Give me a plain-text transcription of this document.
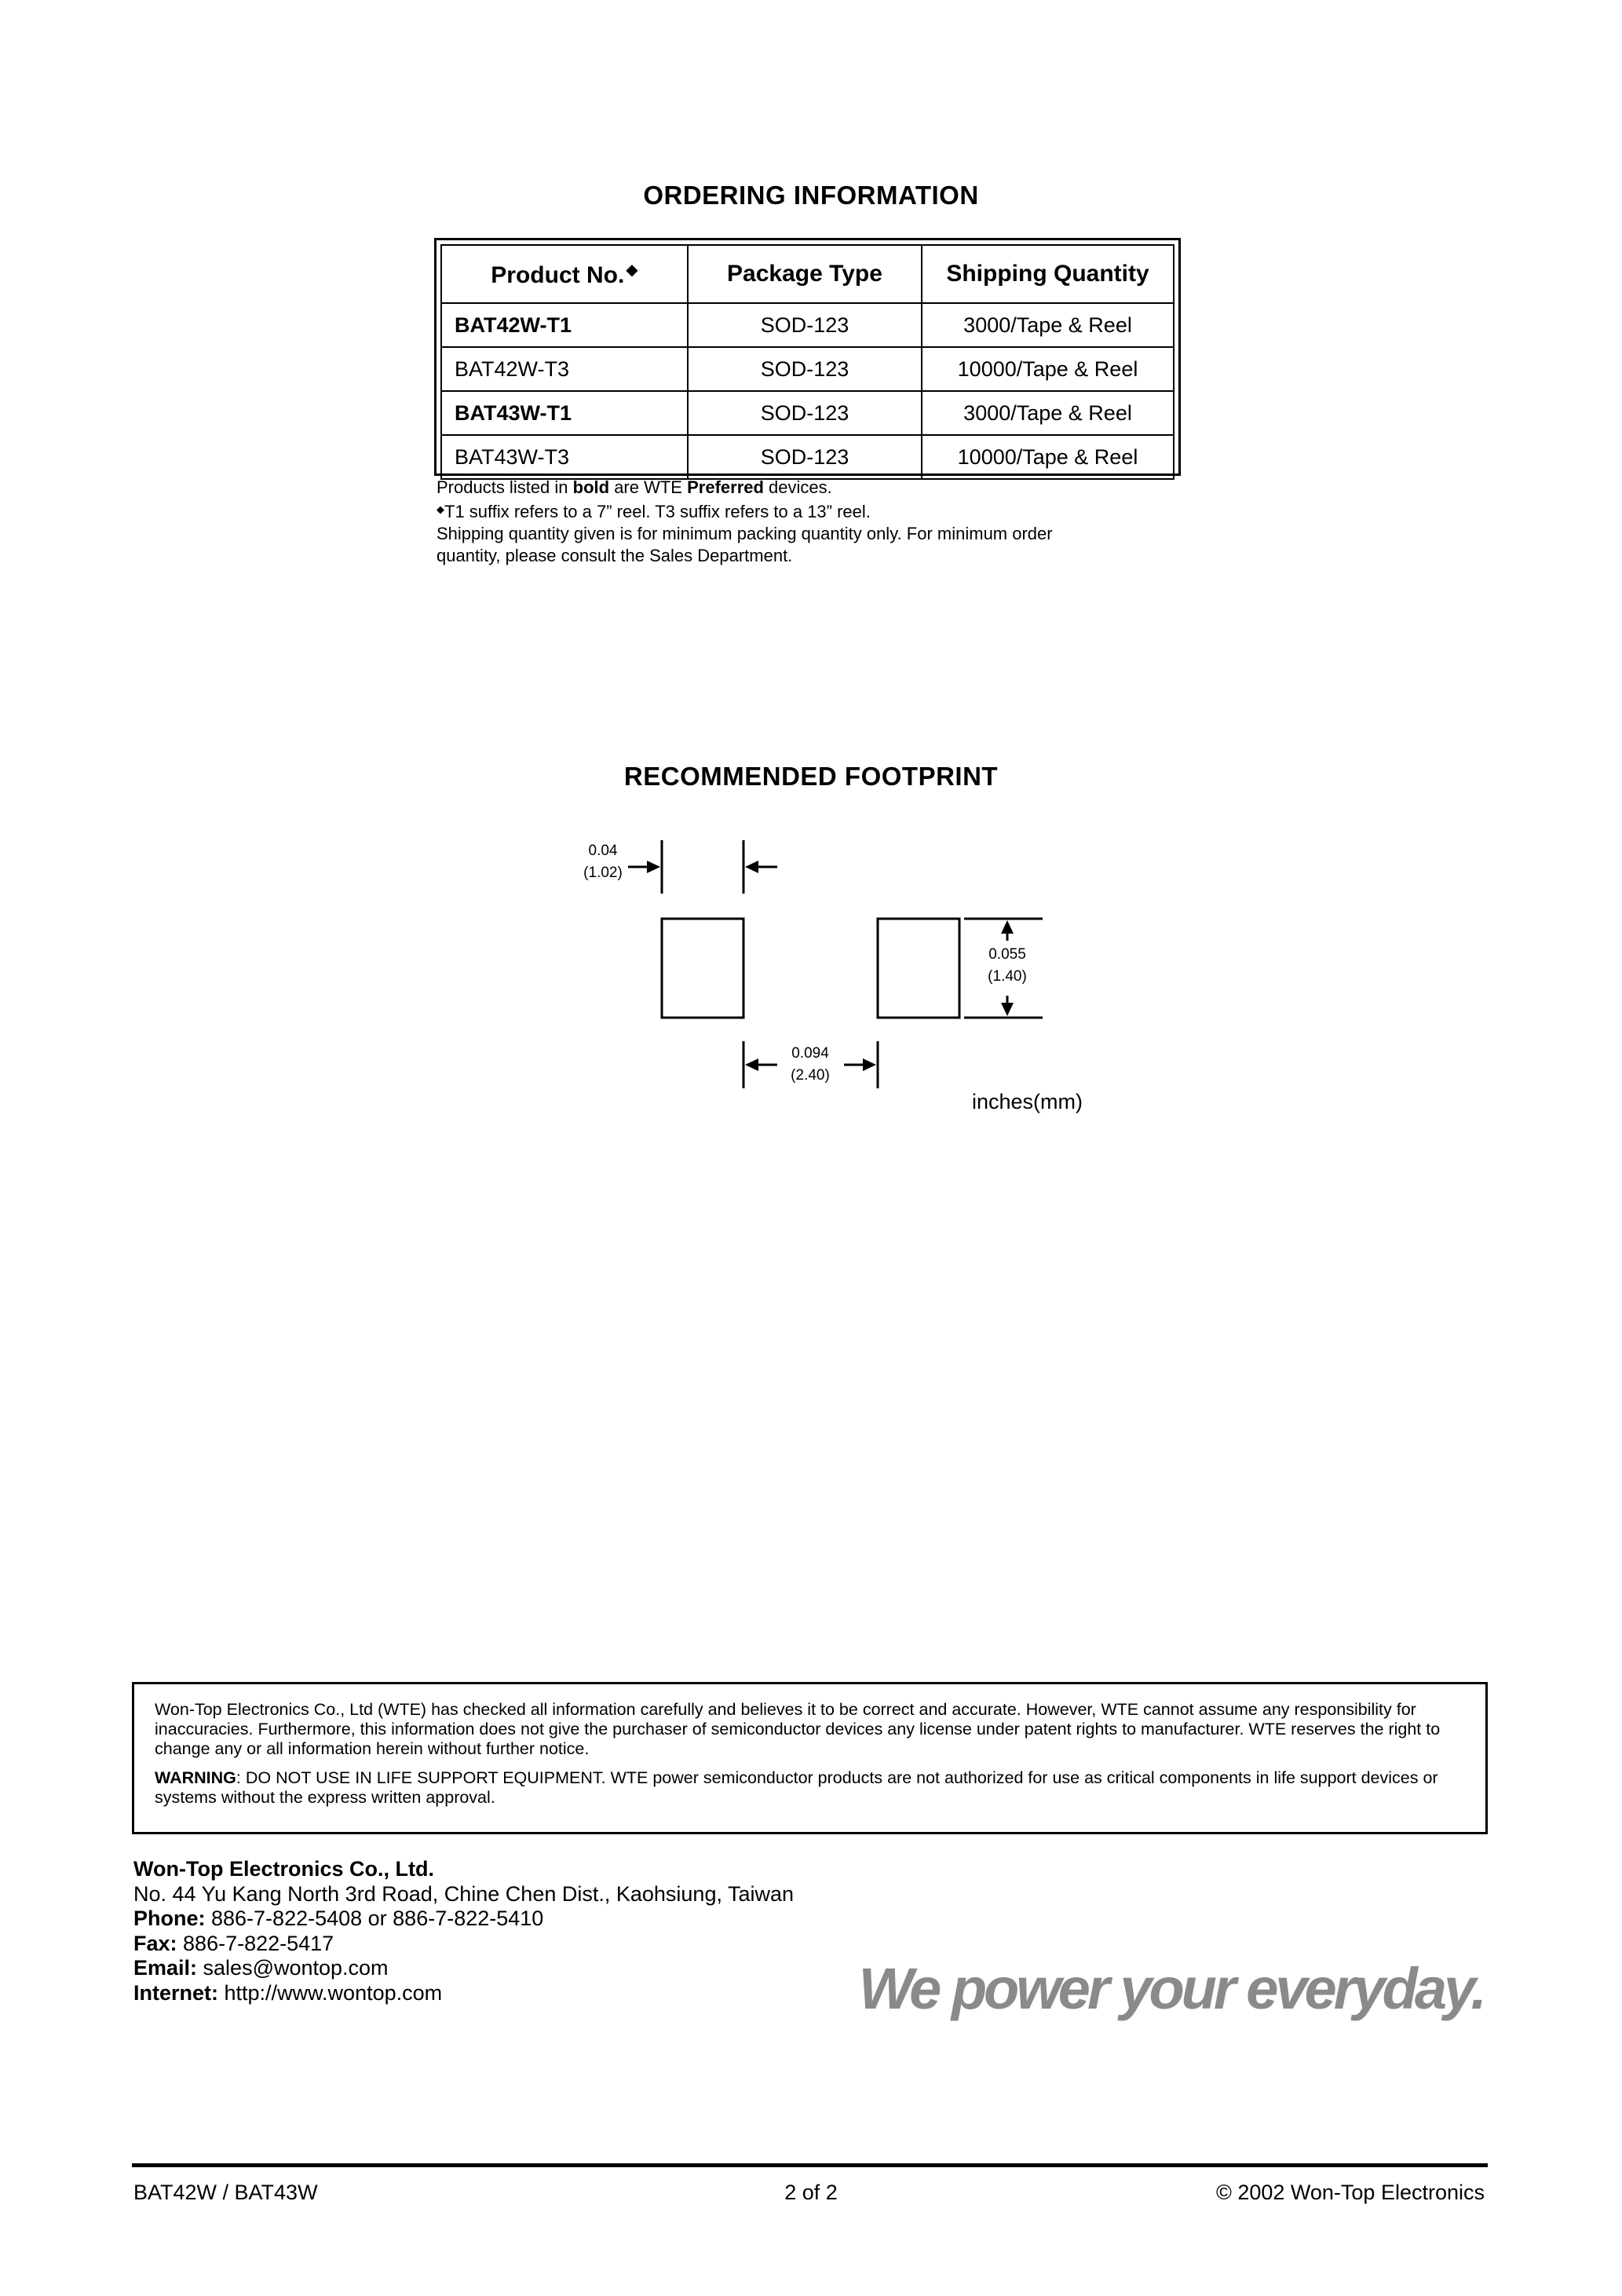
ORDERING INFORMATION
Product No. ◆	Package Type	Shipping Quantity
BAT42W-T1	SOD-123	3000/Tape & Reel
BAT42W-T3	SOD-123	10000/Tape & Reel
BAT43W-T1	SOD-123	3000/Tape & Reel
BAT43W-T3	SOD-123	10000/Tape & Reel
Products listed in bold are WTE Preferred devices.
◆T1 suffix refers to a 7” reel. T3 suffix refers to a 13” reel.
Shipping quantity given is for minimum packing quantity only. For minimum order
quantity, please consult the Sales Department.
RECOMMENDED FOOTPRINT
0.04
(1.02)
0.055
(1.40)
0.094
(2.40)
inches(mm)

Won-Top Electronics Co., Ltd (WTE) has checked all information carefully and believes it to be correct and accurate. However, WTE cannot assume any responsibility for inaccuracies. Furthermore, this information does not give the purchaser of semiconductor devices any license under patent rights to manufacturer. WTE reserves the right to change any or all information herein without further notice.

WARNING: DO NOT USE IN LIFE SUPPORT EQUIPMENT. WTE power semiconductor products are not authorized for use as critical components in life support devices or systems without the express written approval.

Won-Top Electronics Co., Ltd.
No. 44 Yu Kang North 3rd Road, Chine Chen Dist., Kaohsiung, Taiwan
Phone: 886-7-822-5408 or 886-7-822-5410
Fax: 886-7-822-5417
Email: sales@wontop.com
Internet: http://www.wontop.com	We power your everyday.
BAT42W / BAT43W	2 of 2	© 2002 Won-Top Electronics
